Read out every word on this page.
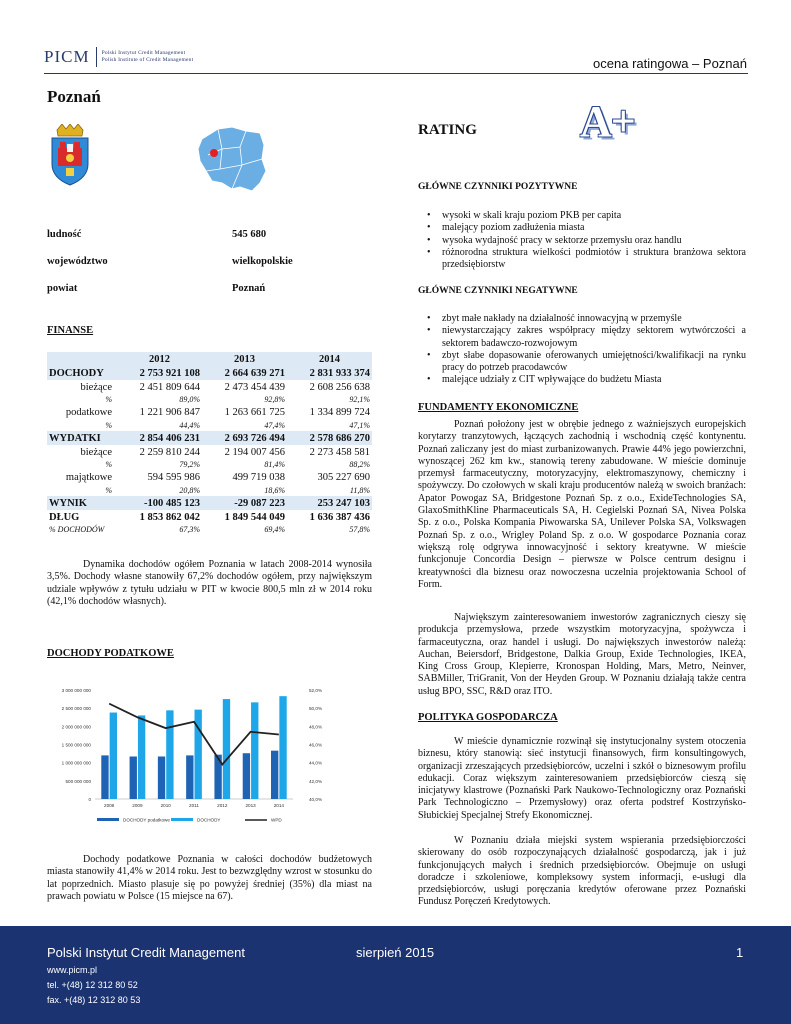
PICM	Polski Instytut Credit Management
Polish Institute of Credit Management	ocena ratingowa – Poznań
Poznań
ludność	545 680
województwo	wielkopolskie
powiat	Poznań
FINANSE
	2012	2013	2014
DOCHODY	2 753 921 108	2 664 639 271	2 831 933 374
bieżące	2 451 809 644	2 473 454 439	2 608 256 638
%	89,0%	92,8%	92,1%
podatkowe	1 221 906 847	1 263 661 725	1 334 899 724
%	44,4%	47,4%	47,1%
WYDATKI	2 854 406 231	2 693 726 494	2 578 686 270
bieżące	2 259 810 244	2 194 007 456	2 273 458 581
%	79,2%	81,4%	88,2%
majątkowe	594 595 986	499 719 038	305 227 690
%	20,8%	18,6%	11,8%
WYNIK	-100 485 123	-29 087 223	253 247 103
DŁUG	1 853 862 042	1 849 544 049	1 636 387 436
% DOCHODÓW	67,3%	69,4%	57,8%
Dynamika dochodów ogółem Poznania w latach 2008-2014 wynosiła 3,5%. Dochody własne stanowiły 67,2% dochodów ogółem, przy największym udziale wpływów z tytułu udziału w PIT w kwocie 800,5 mln zł w 2014 roku (42,1% dochodów własnych).
DOCHODY PODATKOWE
0
500 000 000
1 000 000 000
1 500 000 000
2 000 000 000
2 500 000 000
3 000 000 000
40,0%
42,0%
44,0%
46,0%
48,0%
50,0%
52,0%
2008	2009	2010	2011	2012	2013	2014
DOCHODY podatkowe	DOCHODY	WPD
Dochody podatkowe Poznania w całości dochodów budżetowych miasta stanowiły 41,4% w 2014 roku. Jest to bezwzględny wzrost w stosunku do lat poprzednich. Miasto plasuje się po powyżej średniej (35%) dla miast na prawach powiatu w Polsce (15 miejsce na 67).
RATING A+
GŁÓWNE CZYNNIKI POZYTYWNE
• wysoki w skali kraju poziom PKB per capita
• malejący poziom zadłużenia miasta
• wysoka wydajność pracy w sektorze przemysłu oraz handlu
• różnorodna struktura wielkości podmiotów i struktura branżowa sektora przedsiębiorstw
GŁÓWNE CZYNNIKI NEGATYWNE
• zbyt małe nakłady na działalność innowacyjną w przemyśle
• niewystarczający zakres współpracy między sektorem wytwórczości a sektorem badawczo-rozwojowym
• zbyt słabe dopasowanie oferowanych umiejętności/kwalifikacji na rynku pracy do potrzeb pracodawców
• malejące udziały z CIT wpływające do budżetu Miasta
FUNDAMENTY EKONOMICZNE
Poznań położony jest w obrębie jednego z ważniejszych europejskich korytarzy tranzytowych, łączących zachodnią i wschodnią część kontynentu. Poznań zaliczany jest do miast zurbanizowanych. Prawie 44% jego powierzchni, wynoszącej 262 km kw., stanowią tereny zabudowane. W mieście dominuje przemysł farmaceutyczny, motoryzacyjny, elektromaszynowy, chemiczny i spożywczy. Do czołowych w skali kraju producentów należą w swoich branżach: Apator Powogaz SA, Bridgestone Poznań Sp. z o.o., ExideTechnologies SA, GlaxoSmithKline Pharmaceuticals SA, H. Cegielski Poznań SA, Nivea Polska Sp. z o.o., Polska Kompania Piwowarska SA, Unilever Polska SA, Volkswagen Poznań Sp. z o.o., Wrigley Poland Sp. z o.o. W gospodarce Poznania coraz większą rolę odgrywa innowacyjność i sektory kreatywne. W mieście funkcjonuje Concordia Design – pierwsze w Polsce centrum designu i kreatywności dla biznesu oraz nowoczesna uczelnia projektowania School of Form.
Największym zainteresowaniem inwestorów zagranicznych cieszy się produkcja przemysłowa, przede wszystkim motoryzacyjna, spożywcza i farmaceutyczna, oraz handel i usługi. Do największych inwestorów należą: Auchan, Beiersdorf, Bridgestone, Dalkia Group, Exide Technologies, IKEA, King Cross Group, Klepierre, Kronospan Holding, Mars, Metro, Neinver, SABMiller, TriGranit, Von der Heyden Group. W Poznaniu działają także centra usług BPO, SSC, R&D oraz ITO.
POLITYKA GOSPODARCZA
W mieście dynamicznie rozwinął się instytucjonalny system otoczenia biznesu, który stanowią: sieć instytucji finansowych, firm konsultingowych, organizacji zrzeszających przedsiębiorców, uczelni i szkół o biznesowym profilu edukacji. Coraz większym zainteresowaniem przedsiębiorców cieszą się inicjatywy klastrowe (Poznański Park Naukowo-Technologiczny oraz Poznański Park Technologiczno – Przemysłowy) oraz oferta podstref Kostrzyńsko-Słubickiej Specjalnej Strefy Ekonomicznej.
W Poznaniu działa miejski system wspierania przedsiębiorczości skierowany do osób rozpoczynających działalność gospodarczą, jak i już funkcjonujących małych i średnich przedsiębiorców. Obejmuje on usługi doradcze i szkoleniowe, kompleksowy system informacji, e-usługi dla przedsiębiorców, usługi poręczania kredytów oferowane przez Poznański Fundusz Poręczeń Kredytowych.
Polski Instytut Credit Management	sierpień 2015	1
www.picm.pl
tel. +(48) 12 312 80 52
fax. +(48) 12 312 80 53
